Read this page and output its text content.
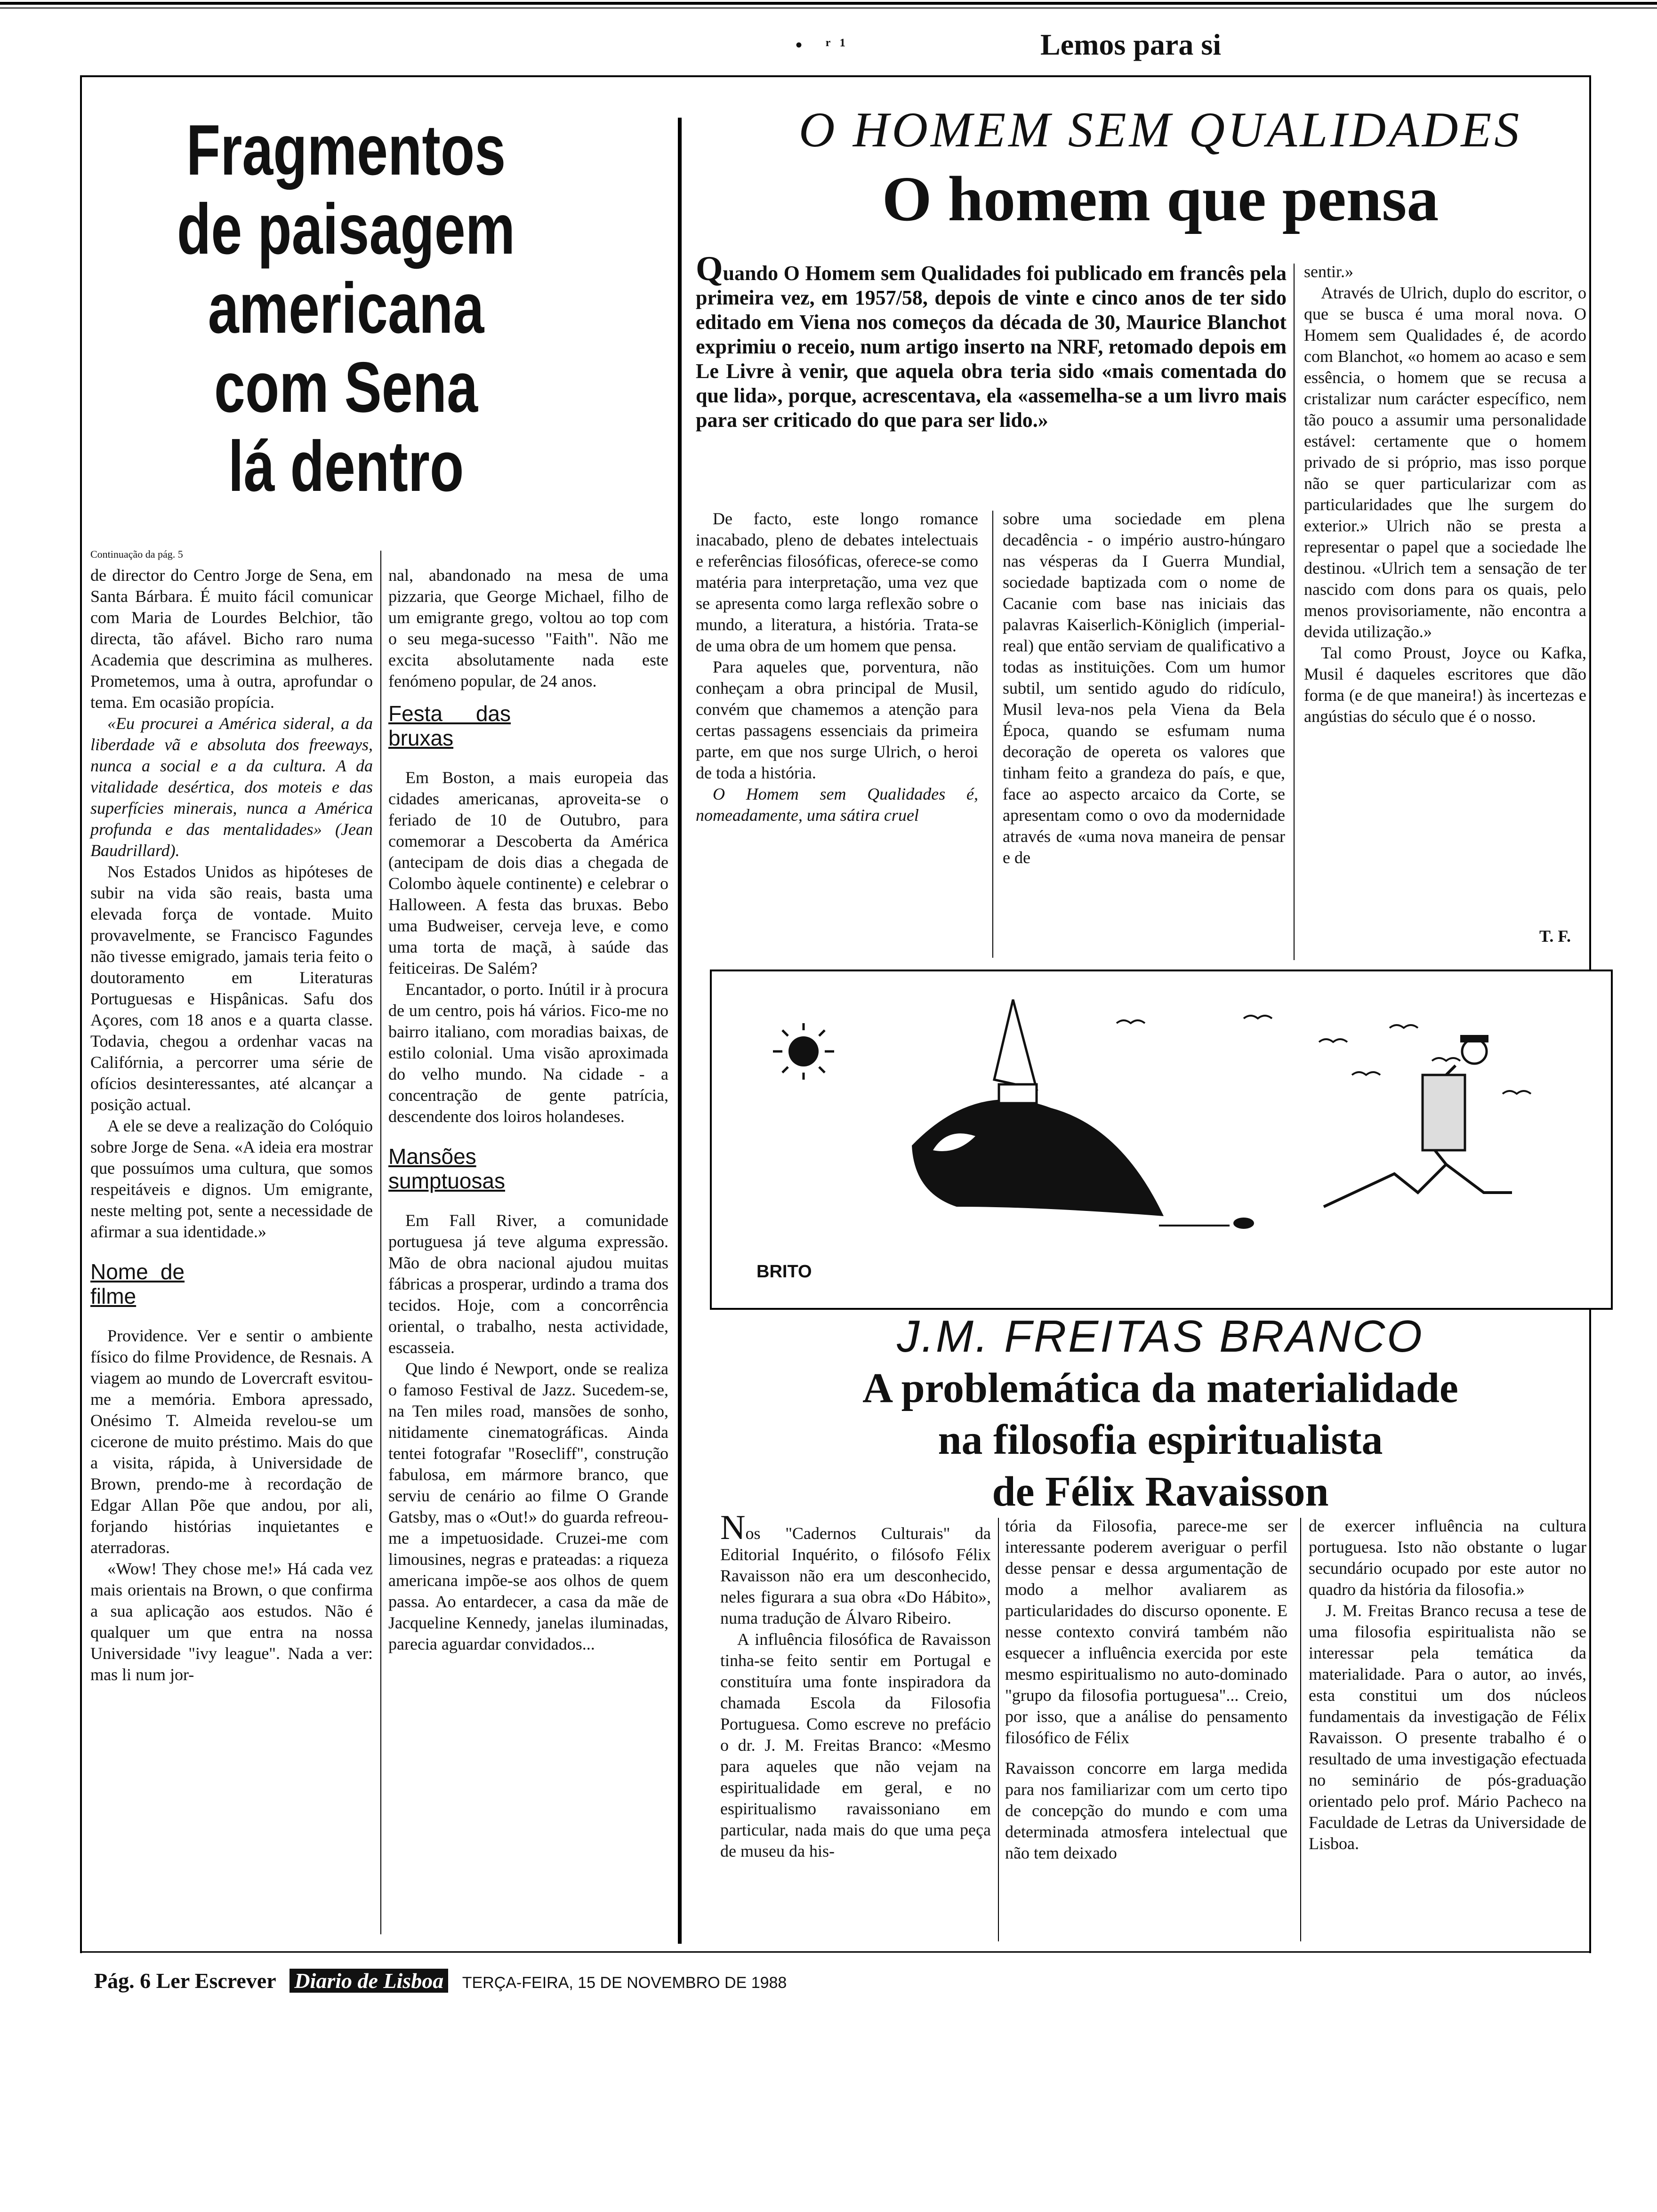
• ʳ¹	Lemos para si
Fragmentos
de paisagem
americana
com Sena
lá dentro
Continuação da pág. 5

de director do Centro Jorge de Sena, em Santa Bárbara. É muito fácil comunicar com Maria de Lourdes Belchior, tão directa, tão afável. Bicho raro numa Academia que descrimina as mulheres. Prometemos, uma à outra, aprofundar o tema. Em ocasião propícia.

«Eu procurei a América sideral, a da liberdade vã e absoluta dos freeways, nunca a social e a da cultura. A da vitalidade desértica, dos moteis e das superfícies minerais, nunca a América profunda e das mentalidades» (Jean Baudrillard).

Nos Estados Unidos as hipóteses de subir na vida são reais, basta uma elevada força de vontade. Muito provavelmente, se Francisco Fagundes não tivesse emigrado, jamais teria feito o doutoramento em Literaturas Portuguesas e Hispânicas. Safu dos Açores, com 18 anos e a quarta classe. Todavia, chegou a ordenhar vacas na Califórnia, a percorrer uma série de ofícios desinteressantes, até alcançar a posição actual.

A ele se deve a realização do Colóquio sobre Jorge de Sena. «A ideia era mostrar que possuímos uma cultura, que somos respeitáveis e dignos. Um emigrante, neste melting pot, sente a necessidade de afirmar a sua identidade.»

Nome de filme

Providence. Ver e sentir o ambiente físico do filme Providence, de Resnais. A viagem ao mundo de Lovercraft esvitou-me a memória. Embora apressado, Onésimo T. Almeida revelou-se um cicerone de muito préstimo. Mais do que a visita, rápida, à Universidade de Brown, prendo-me à recordação de Edgar Allan Põe que andou, por ali, forjando histórias inquietantes e aterradoras.

«Wow! They chose me!» Há cada vez mais orientais na Brown, o que confirma a sua aplicação aos estudos. Não é qualquer um que entra na nossa Universidade "ivy league". Nada a ver: mas li num jor-

nal, abandonado na mesa de uma pizzaria, que George Michael, filho de um emigrante grego, voltou ao top com o seu mega-sucesso "Faith". Não me excita absolutamente nada este fenómeno popular, de 24 anos.

Festa das bruxas

Em Boston, a mais europeia das cidades americanas, aproveita-se o feriado de 10 de Outubro, para comemorar a Descoberta da América (antecipam de dois dias a chegada de Colombo àquele continente) e celebrar o Halloween. A festa das bruxas. Bebo uma Budweiser, cerveja leve, e como uma torta de maçã, à saúde das feiticeiras. De Salém?

Encantador, o porto. Inútil ir à procura de um centro, pois há vários. Fico-me no bairro italiano, com moradias baixas, de estilo colonial. Uma visão aproximada do velho mundo. Na cidade - a concentração de gente patrícia, descendente dos loiros holandeses.

Mansões sumptuosas

Em Fall River, a comunidade portuguesa já teve alguma expressão. Mão de obra nacional ajudou muitas fábricas a prosperar, urdindo a trama dos tecidos. Hoje, com a concorrência oriental, o trabalho, nesta actividade, escasseia.

Que lindo é Newport, onde se realiza o famoso Festival de Jazz. Sucedem-se, na Ten miles road, mansões de sonho, nitidamente cinematográficas. Ainda tentei fotografar "Rosecliff", construção fabulosa, em mármore branco, que serviu de cenário ao filme O Grande Gatsby, mas o «Out!» do guarda refreou-me a impetuosidade. Cruzei-me com limousines, negras e prateadas: a riqueza americana impõe-se aos olhos de quem passa. Ao entardecer, a casa da mãe de Jacqueline Kennedy, janelas iluminadas, parecia aguardar convidados...

O HOMEM SEM QUALIDADES
O homem que pensa
Quando O Homem sem Qualidades foi publicado em francês pela primeira vez, em 1957/58, depois de vinte e cinco anos de ter sido editado em Viena nos começos da década de 30, Maurice Blanchot exprimiu o receio, num artigo inserto na NRF, retomado depois em Le Livre à venir, que aquela obra teria sido «mais comentada do que lida», porque, acrescentava, ela «assemelha-se a um livro mais para ser criticado do que para ser lido.»

De facto, este longo romance inacabado, pleno de debates intelectuais e referências filosóficas, oferece-se como matéria para interpretação, uma vez que se apresenta como larga reflexão sobre o mundo, a literatura, a história. Trata-se de uma obra de um homem que pensa.

Para aqueles que, porventura, não conheçam a obra principal de Musil, convém que chamemos a atenção para certas passagens essenciais da primeira parte, em que nos surge Ulrich, o heroi de toda a história.

O Homem sem Qualidades é, nomeadamente, uma sátira cruel

sobre uma sociedade em plena decadência - o império austro-húngaro nas vésperas da I Guerra Mundial, sociedade baptizada com o nome de Cacanie com base nas iniciais das palavras Kaiserlich-Königlich (imperial-real) que então serviam de qualificativo a todas as instituições. Com um humor subtil, um sentido agudo do ridículo, Musil leva-nos pela Viena da Bela Época, quando se esfumam numa decoração de opereta os valores que tinham feito a grandeza do país, e que, face ao aspecto arcaico da Corte, se apresentam como o ovo da modernidade através de «uma nova maneira de pensar e de

sentir.»

Através de Ulrich, duplo do escritor, o que se busca é uma moral nova. O Homem sem Qualidades é, de acordo com Blanchot, «o homem ao acaso e sem essência, o homem que se recusa a cristalizar num carácter específico, nem tão pouco a assumir uma personalidade estável: certamente que o homem privado de si próprio, mas isso porque não se quer particularizar com as particularidades que lhe surgem do exterior.» Ulrich não se presta a representar o papel que a sociedade lhe destinou. «Ulrich tem a sensação de ter nascido com dons para os quais, pelo menos provisoriamente, não encontra a devida utilização.»

Tal como Proust, Joyce ou Kafka, Musil é daqueles escritores que dão forma (e de que maneira!) às incertezas e angústias do século que é o nosso.

T. F.
BRITO
J.M. FREITAS BRANCO
A problemática da materialidade
na filosofia espiritualista
de Félix Ravaisson

Nos "Cadernos Culturais" da Editorial Inquérito, o filósofo Félix Ravaisson não era um desconhecido, neles figurara a sua obra «Do Hábito», numa tradução de Álvaro Ribeiro.

A influência filosófica de Ravaisson tinha-se feito sentir em Portugal e constituíra uma fonte inspiradora da chamada Escola da Filosofia Portuguesa. Como escreve no prefácio o dr. J. M. Freitas Branco: «Mesmo para aqueles que não vejam na espiritualidade em geral, e no espiritualismo ravaissoniano em particular, nada mais do que uma peça de museu da his-

tória da Filosofia, parece-me ser interessante poderem averiguar o perfil desse pensar e dessa argumentação de modo a melhor avaliarem as particularidades do discurso oponente. E nesse contexto convirá também não esquecer a influência exercida por este mesmo espiritualismo no auto-dominado "grupo da filosofia portuguesa"... Creio, por isso, que a análise do pensamento filosófico de Félix

Ravaisson concorre em larga medida para nos familiarizar com um certo tipo de concepção do mundo e com uma determinada atmosfera intelectual que não tem deixado

de exercer influência na cultura portuguesa. Isto não obstante o lugar secundário ocupado por este autor no quadro da história da filosofia.»

J. M. Freitas Branco recusa a tese de uma filosofia espiritualista não se interessar pela temática da materialidade. Para o autor, ao invés, esta constitui um dos núcleos fundamentais da investigação de Félix Ravaisson. O presente trabalho é o resultado de uma investigação efectuada no seminário de pós-graduação orientado pelo prof. Mário Pacheco na Faculdade de Letras da Universidade de Lisboa.

Pág. 6 Ler Escrever Diario de Lisboa TERÇA-FEIRA, 15 DE NOVEMBRO DE 1988
